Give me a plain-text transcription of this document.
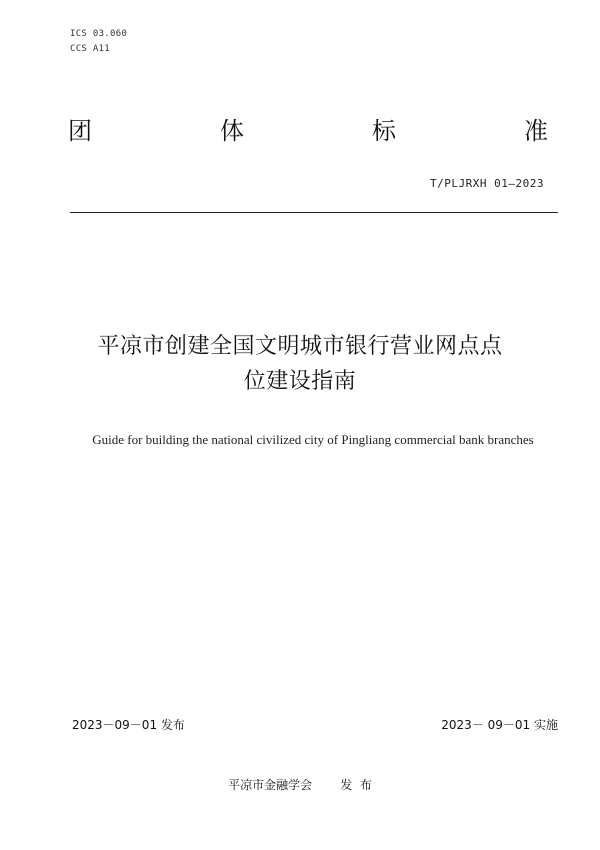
ICS 03.060
CCS A11
团	体	标	准
T/PLJRXH 01—2023
平凉市创建全国文明城市银行营业网点点
位建设指南
Guide for building the national civilized city of Pingliang commercial bank branches
2023－09－01 发布	2023－ 09－01 实施
平凉市金融学会 发  布
